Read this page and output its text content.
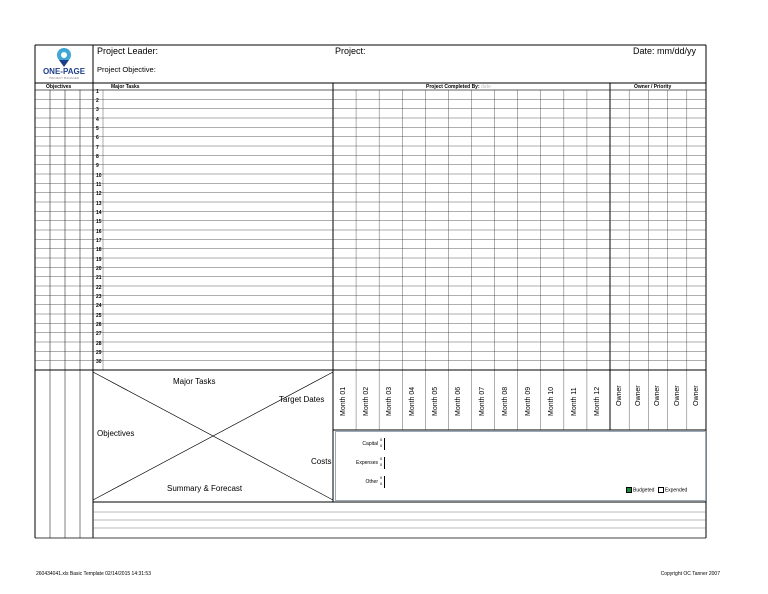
ONE-PAGE
PROJECT MANAGER
Project Leader:	Project:	Date: mm/dd/yy
Project Objective:
Objectives	Major Tasks	Project Completed By: date	Owner / Priority
1
2
3
4
5
6
7
8
9
10
11
12
13
14
15
16
17
18
19
20
21
22
23
24
25
26
27
28
29
30
Major Tasks
Target Dates
Objectives
Costs
Summary & Forecast
Month 01 Month 02 Month 03 Month 04 Month 05 Month 06 Month 07 Month 08 Month 09 Month 10 Month 11 Month 12 Owner Owner Owner Owner Owner
Capital
0
0
Expenses
0
0
Other
0
0
Budgeted Expended
260434041.xls Basic Template 02/14/2015 14:31:53	Copyright OC Tanner 2007
